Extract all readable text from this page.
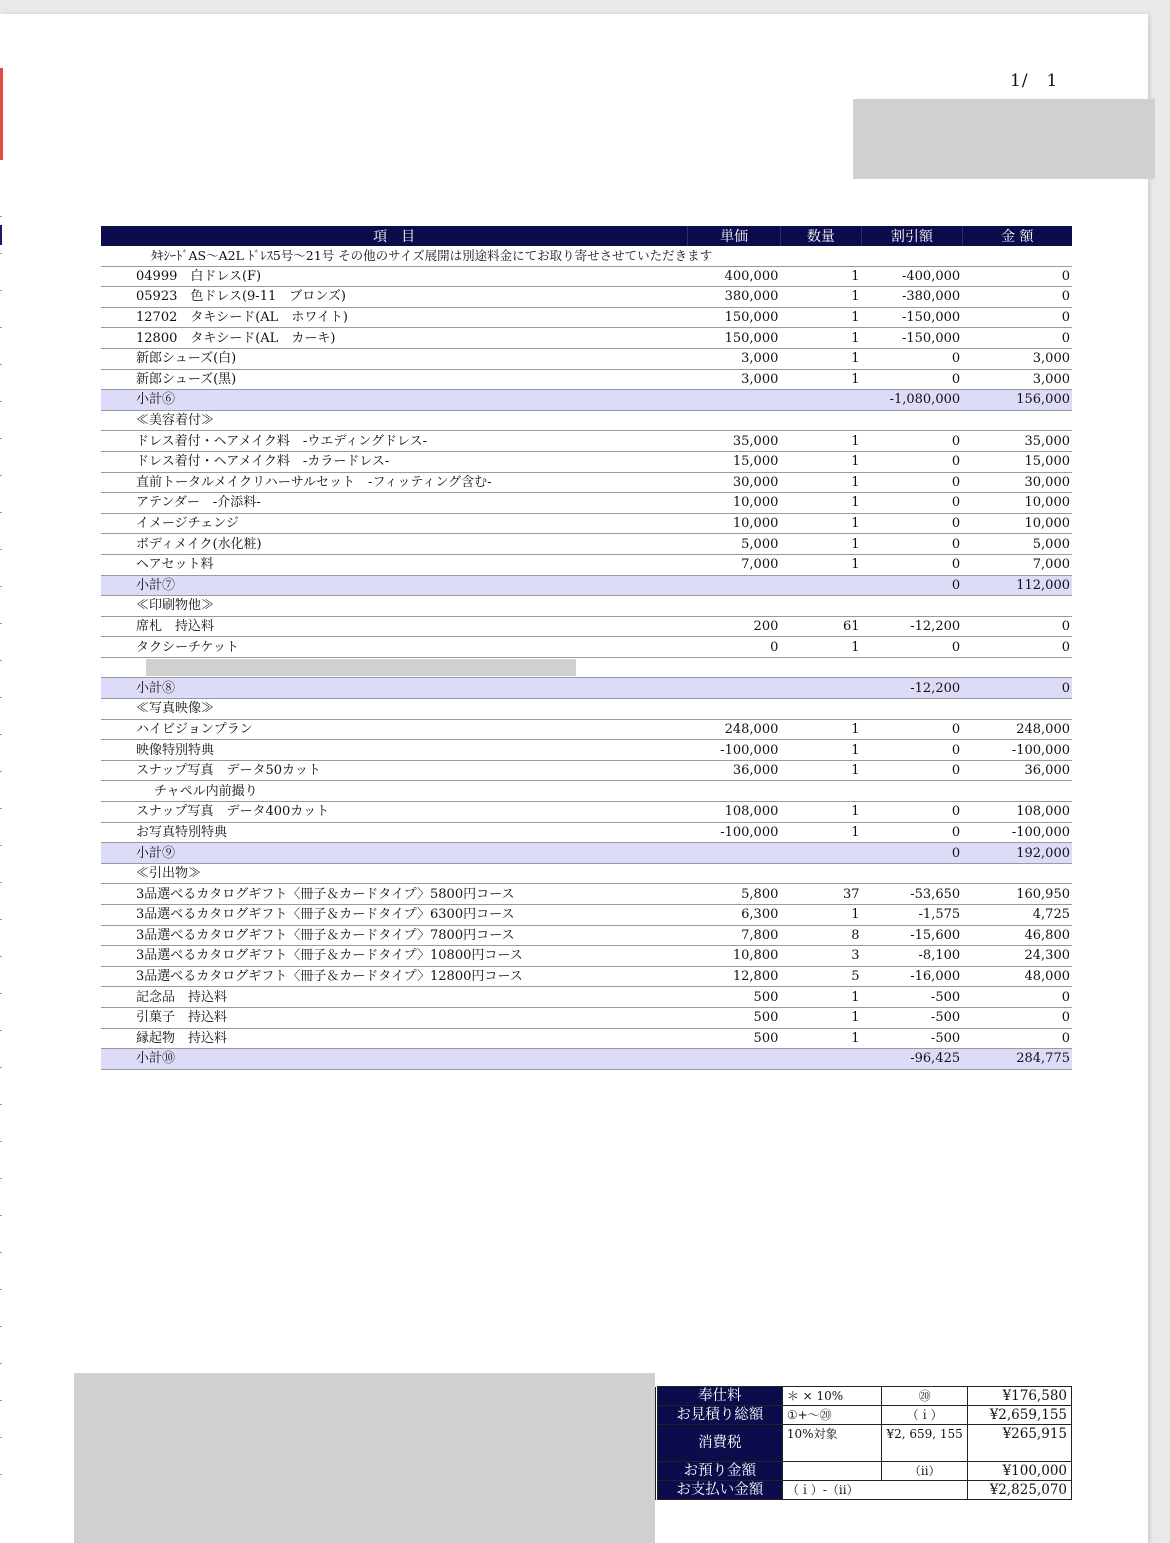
1/　1
項　目	単価	数量	割引額	金 額
ﾀｷｼｰﾄﾞAS～A2L ﾄﾞﾚｽ5号～21号 その他のサイズ展開は別途料金にてお取り寄せさせていただきます				
04999　白ドレス(F)	400,000	1	-400,000	0
05923　色ドレス(9-11　ブロンズ)	380,000	1	-380,000	0
12702　タキシード(AL　ホワイト)	150,000	1	-150,000	0
12800　タキシード(AL　カーキ)	150,000	1	-150,000	0
新郎シューズ(白)	3,000	1	0	3,000
新郎シューズ(黒)	3,000	1	0	3,000
小計⑥			-1,080,000	156,000
≪美容着付≫				
ドレス着付・ヘアメイク料　-ウエディングドレス-	35,000	1	0	35,000
ドレス着付・ヘアメイク料　-カラードレス-	15,000	1	0	15,000
直前トータルメイクリハーサルセット　-フィッティング含む-	30,000	1	0	30,000
アテンダー　-介添料-	10,000	1	0	10,000
イメージチェンジ	10,000	1	0	10,000
ボディメイク(水化粧)	5,000	1	0	5,000
ヘアセット料	7,000	1	0	7,000
小計⑦			0	112,000
≪印刷物他≫				
席札　持込料	200	61	-12,200	0
タクシーチケット	0	1	0	0

小計⑧			-12,200	0
≪写真映像≫				
ハイビジョンプラン	248,000	1	0	248,000
映像特別特典	-100,000	1	0	-100,000
スナップ写真　データ50カット	36,000	1	0	36,000
チャペル内前撮り				
スナップ写真　データ400カット	108,000	1	0	108,000
お写真特別特典	-100,000	1	0	-100,000
小計⑨			0	192,000
≪引出物≫				
3品選べるカタログギフト〈冊子＆カードタイプ〉5800円コース	5,800	37	-53,650	160,950
3品選べるカタログギフト〈冊子＆カードタイプ〉6300円コース	6,300	1	-1,575	4,725
3品選べるカタログギフト〈冊子＆カードタイプ〉7800円コース	7,800	8	-15,600	46,800
3品選べるカタログギフト〈冊子＆カードタイプ〉10800円コース	10,800	3	-8,100	24,300
3品選べるカタログギフト〈冊子＆カードタイプ〉12800円コース	12,800	5	-16,000	48,000
記念品　持込料	500	1	-500	0
引菓子　持込料	500	1	-500	0
縁起物　持込料	500	1	-500	0
小計⑩			-96,425	284,775
	奉仕料	＊ × 10%	⑳	¥176,580
	お見積り総額	①+～⑳	（ｉ）	¥2,659,155
	消費税	10%対象	¥2, 659, 155	¥265,915
	お預り金額		（ⅱ）	¥100,000
	お支払い金額	（ｉ）-（ⅱ）		¥2,825,070
